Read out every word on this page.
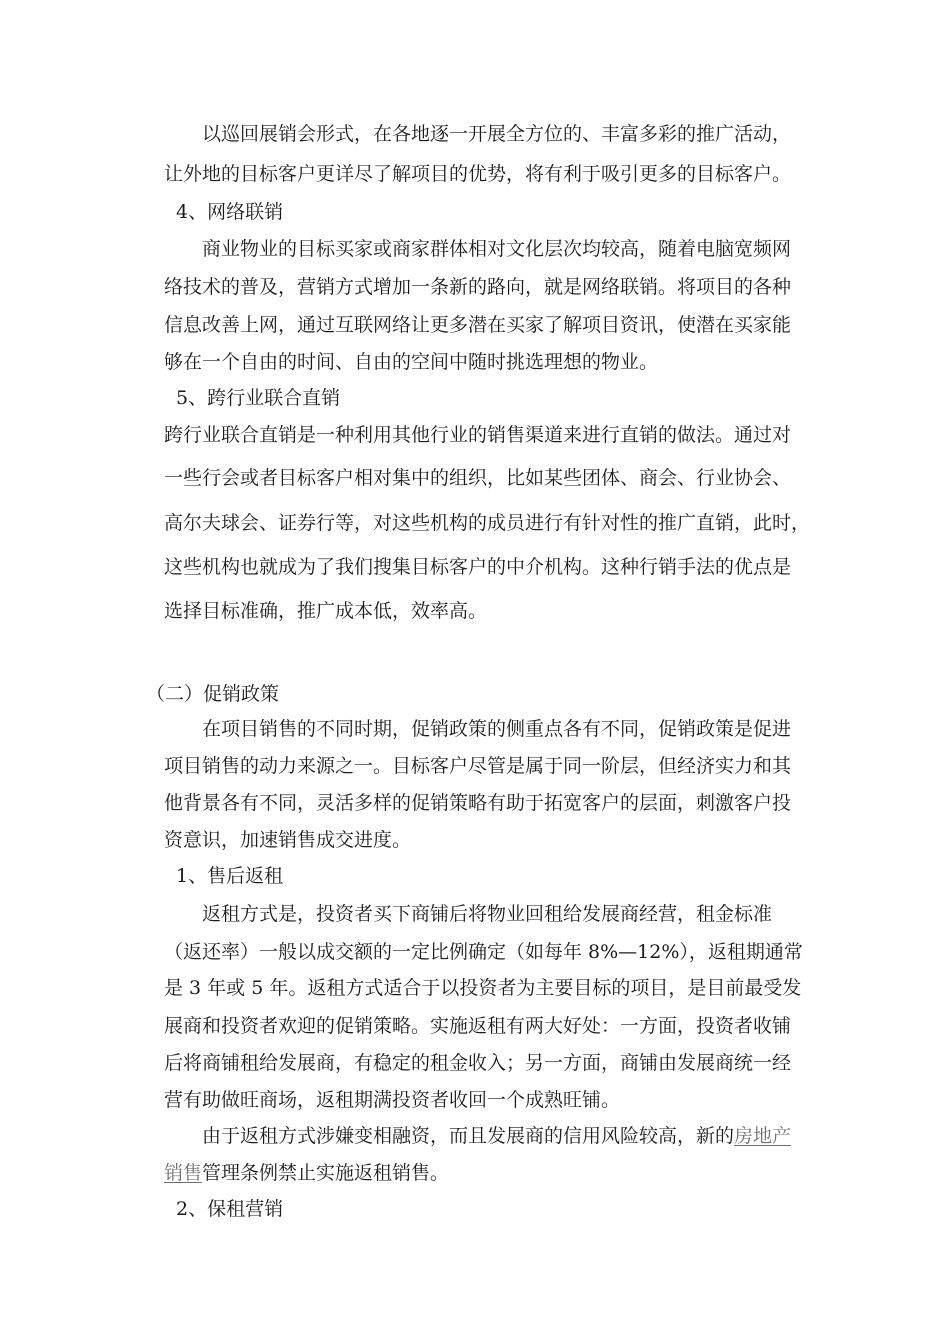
以巡回展销会形式，在各地逐一开展全方位的、丰富多彩的推广活动，

让外地的目标客户更详尽了解项目的优势，将有利于吸引更多的目标客户。

4、网络联销

商业物业的目标买家或商家群体相对文化层次均较高，随着电脑宽频网

络技术的普及，营销方式增加一条新的路向，就是网络联销。将项目的各种

信息改善上网，通过互联网络让更多潜在买家了解项目资讯，使潜在买家能

够在一个自由的时间、自由的空间中随时挑选理想的物业。

5、跨行业联合直销

跨行业联合直销是一种利用其他行业的销售渠道来进行直销的做法。通过对

一些行会或者目标客户相对集中的组织，比如某些团体、商会、行业协会、

高尔夫球会、证券行等，对这些机构的成员进行有针对性的推广直销，此时，

这些机构也就成为了我们搜集目标客户的中介机构。这种行销手法的优点是

选择目标准确，推广成本低，效率高。

（二）促销政策

在项目销售的不同时期，促销政策的侧重点各有不同，促销政策是促进

项目销售的动力来源之一。目标客户尽管是属于同一阶层，但经济实力和其

他背景各有不同，灵活多样的促销策略有助于拓宽客户的层面，刺激客户投

资意识，加速销售成交进度。

1、售后返租

返租方式是，投资者买下商铺后将物业回租给发展商经营，租金标准

（返还率）一般以成交额的一定比例确定（如每年 8%—12%），返租期通常

是 3 年或 5 年。返租方式适合于以投资者为主要目标的项目，是目前最受发

展商和投资者欢迎的促销策略。实施返租有两大好处：一方面，投资者收铺

后将商铺租给发展商，有稳定的租金收入；另一方面，商铺由发展商统一经

营有助做旺商场，返租期满投资者收回一个成熟旺铺。

由于返租方式涉嫌变相融资，而且发展商的信用风险较高，新的房地产

销售管理条例禁止实施返租销售。

2、保租营销
